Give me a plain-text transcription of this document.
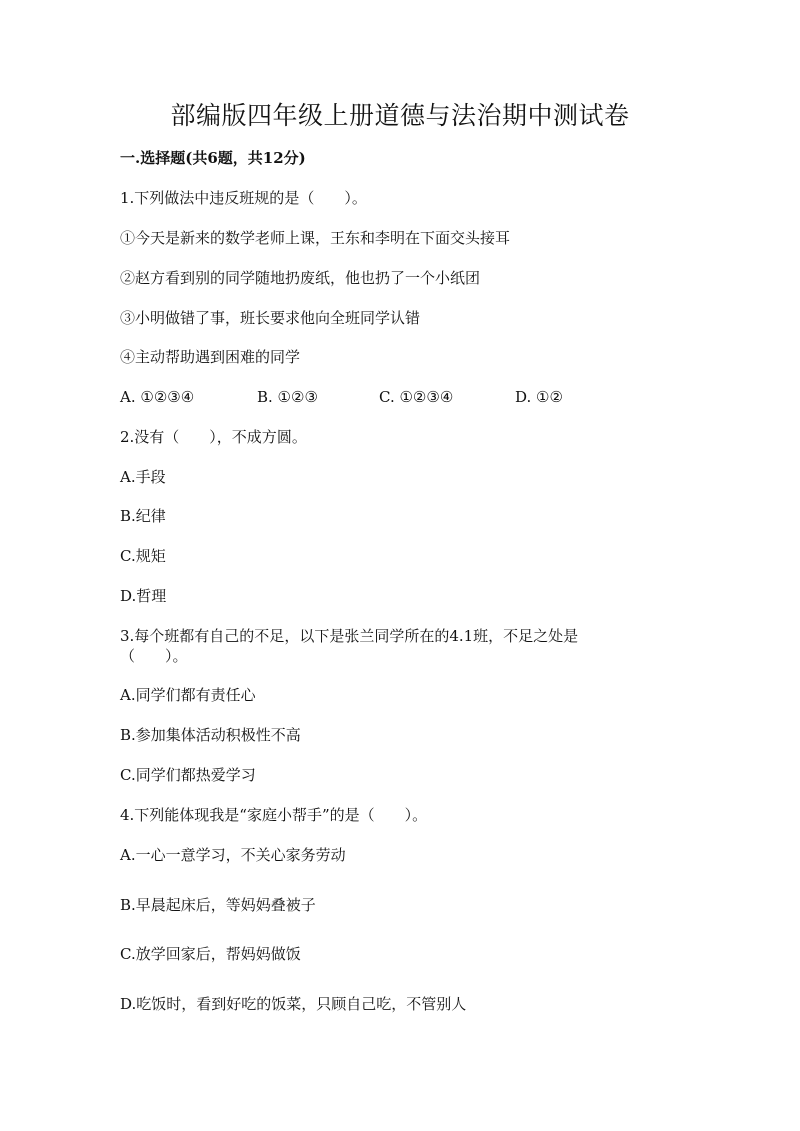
部编版四年级上册道德与法治期中测试卷
一.选择题(共6题，共12分)
1.下列做法中违反班规的是（　　）。
①今天是新来的数学老师上课，王东和李明在下面交头接耳
②赵方看到别的同学随地扔废纸，他也扔了一个小纸团
③小明做错了事，班长要求他向全班同学认错
④主动帮助遇到困难的同学
A. ①②③④	B. ①②③	C. ①②③④	D. ①②
2.没有（　　），不成方圆。
A.手段
B.纪律
C.规矩
D.哲理
3.每个班都有自己的不足，以下是张兰同学所在的4.1班，不足之处是
（　　）。
A.同学们都有责任心
B.参加集体活动积极性不高
C.同学们都热爱学习
4.下列能体现我是“家庭小帮手”的是（　　）。
A.一心一意学习，不关心家务劳动
B.早晨起床后，等妈妈叠被子
C.放学回家后，帮妈妈做饭
D.吃饭时，看到好吃的饭菜，只顾自己吃，不管别人
